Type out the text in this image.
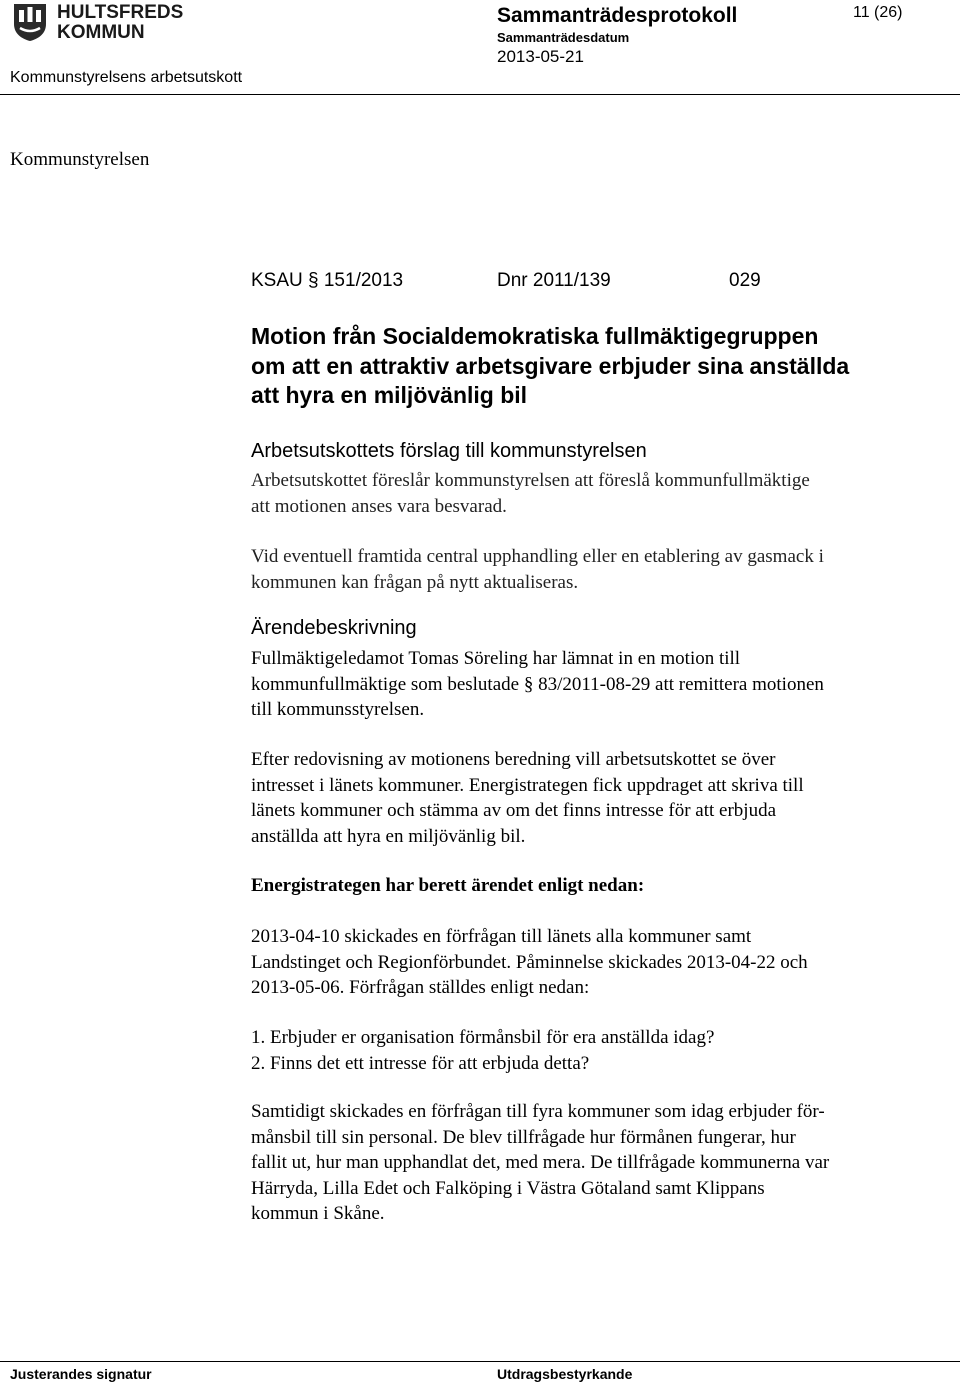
HULTSFREDS
KOMMUN
Sammanträdesprotokoll	11 (26)
Sammanträdesdatum
2013-05-21
Kommunstyrelsens arbetsutskott
Kommunstyrelsen
KSAU § 151/2013	Dnr 2011/139	029
Motion från Socialdemokratiska fullmäktigegruppen
om att en attraktiv arbetsgivare erbjuder sina anställda
att hyra en miljövänlig bil
Arbetsutskottets förslag till kommunstyrelsen

Arbetsutskottet föreslår kommunstyrelsen att föreslå kommunfullmäktige

att motionen anses vara besvarad.

Vid eventuell framtida central upphandling eller en etablering av gasmack i

kommunen kan frågan på nytt aktualiseras.

Ärendebeskrivning

Fullmäktigeledamot Tomas Söreling har lämnat in en motion till

kommunfullmäktige som beslutade § 83/2011-08-29 att remittera motionen

till kommunsstyrelsen.

Efter redovisning av motionens beredning vill arbetsutskottet se över

intresset i länets kommuner. Energistrategen fick uppdraget att skriva till

länets kommuner och stämma av om det finns intresse för att erbjuda

anställda att hyra en miljövänlig bil.

Energistrategen har berett ärendet enligt nedan:

2013-04-10 skickades en förfrågan till länets alla kommuner samt

Landstinget och Regionförbundet. Påminnelse skickades 2013-04-22 och

2013-05-06. Förfrågan ställdes enligt nedan:

1. Erbjuder er organisation förmånsbil för era anställda idag?

2. Finns det ett intresse för att erbjuda detta?

Samtidigt skickades en förfrågan till fyra kommuner som idag erbjuder för-

månsbil till sin personal. De blev tillfrågade hur förmånen fungerar, hur

fallit ut, hur man upphandlat det, med mera. De tillfrågade kommunerna var

Härryda, Lilla Edet och Falköping i Västra Götaland samt Klippans

kommun i Skåne.

Justerandes signatur	Utdragsbestyrkande
